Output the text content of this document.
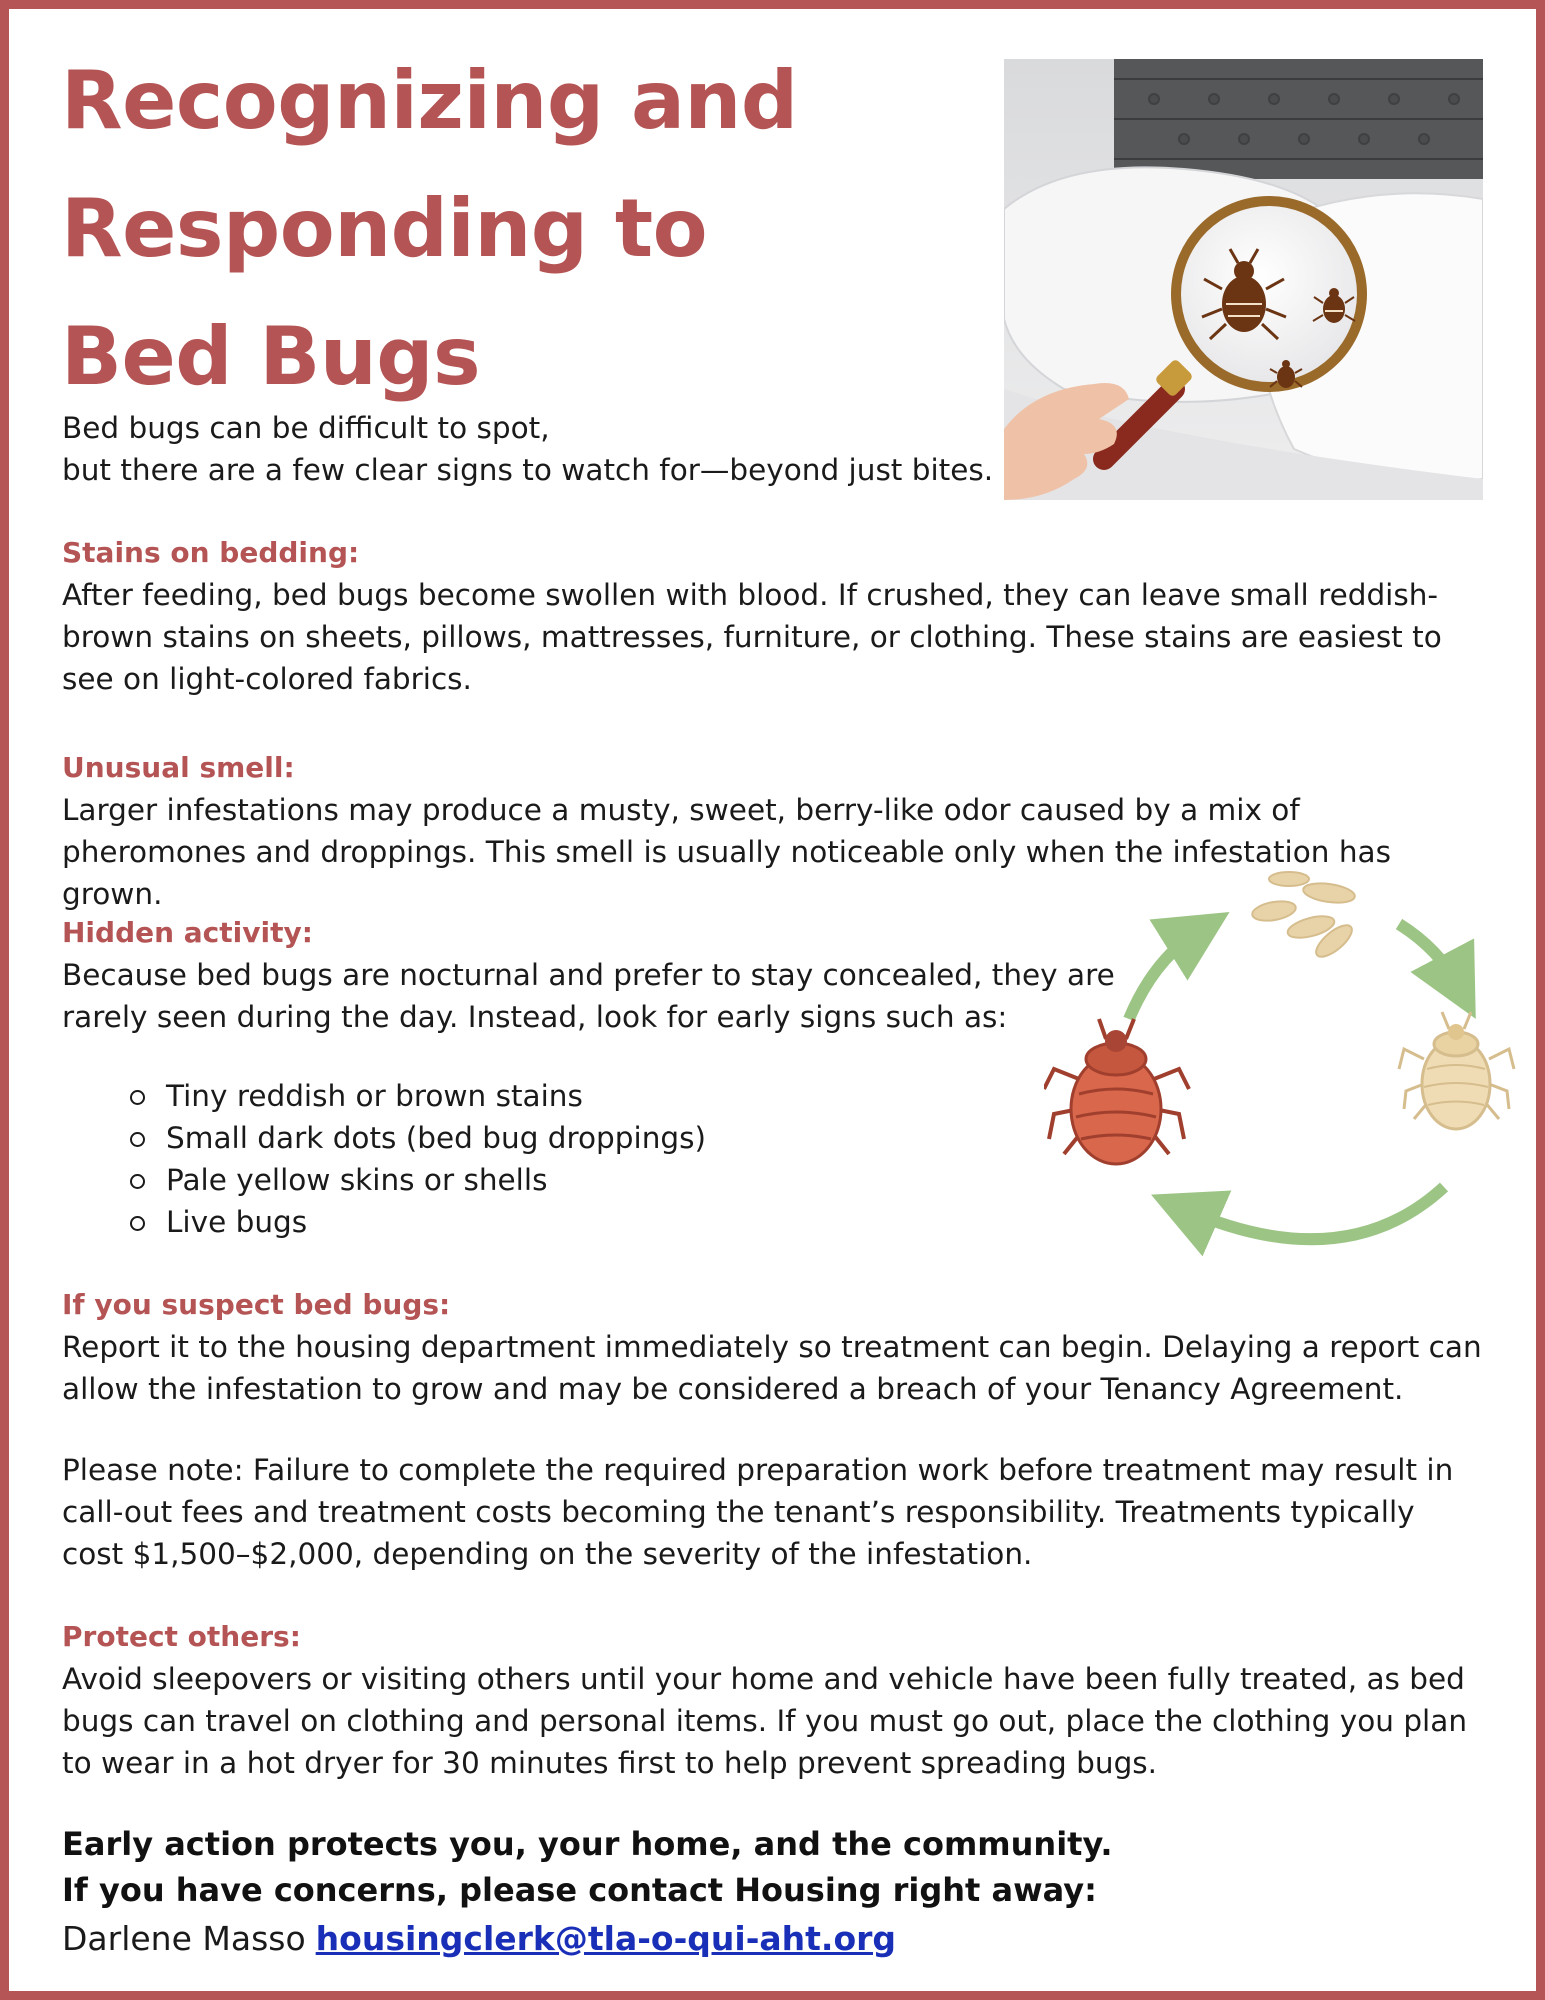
Recognizing and
Responding to
Bed Bugs
Bed bugs can be difficult to spot,
but there are a few clear signs to watch for—beyond just bites.
Stains on bedding:
After feeding, bed bugs become swollen with blood. If crushed, they can leave small reddish-brown stains on sheets, pillows, mattresses, furniture, or clothing. These stains are easiest to see on light-colored fabrics.
Unusual smell:
Larger infestations may produce a musty, sweet, berry-like odor caused by a mix of pheromones and droppings. This smell is usually noticeable only when the infestation has grown.
Hidden activity:
Because bed bugs are nocturnal and prefer to stay concealed, they are rarely seen during the day. Instead, look for early signs such as:
Tiny reddish or brown stains
Small dark dots (bed bug droppings)
Pale yellow skins or shells
Live bugs
If you suspect bed bugs:
Report it to the housing department immediately so treatment can begin. Delaying a report can allow the infestation to grow and may be considered a breach of your Tenancy Agreement.
Please note: Failure to complete the required preparation work before treatment may result in call-out fees and treatment costs becoming the tenant’s responsibility. Treatments typically cost $1,500–$2,000, depending on the severity of the infestation.
Protect others:
Avoid sleepovers or visiting others until your home and vehicle have been fully treated, as bed bugs can travel on clothing and personal items. If you must go out, place the clothing you plan to wear in a hot dryer for 30 minutes first to help prevent spreading bugs.
Early action protects you, your home, and the community.
If you have concerns, please contact Housing right away:
Darlene Masso housingclerk@tla-o-qui-aht.org
